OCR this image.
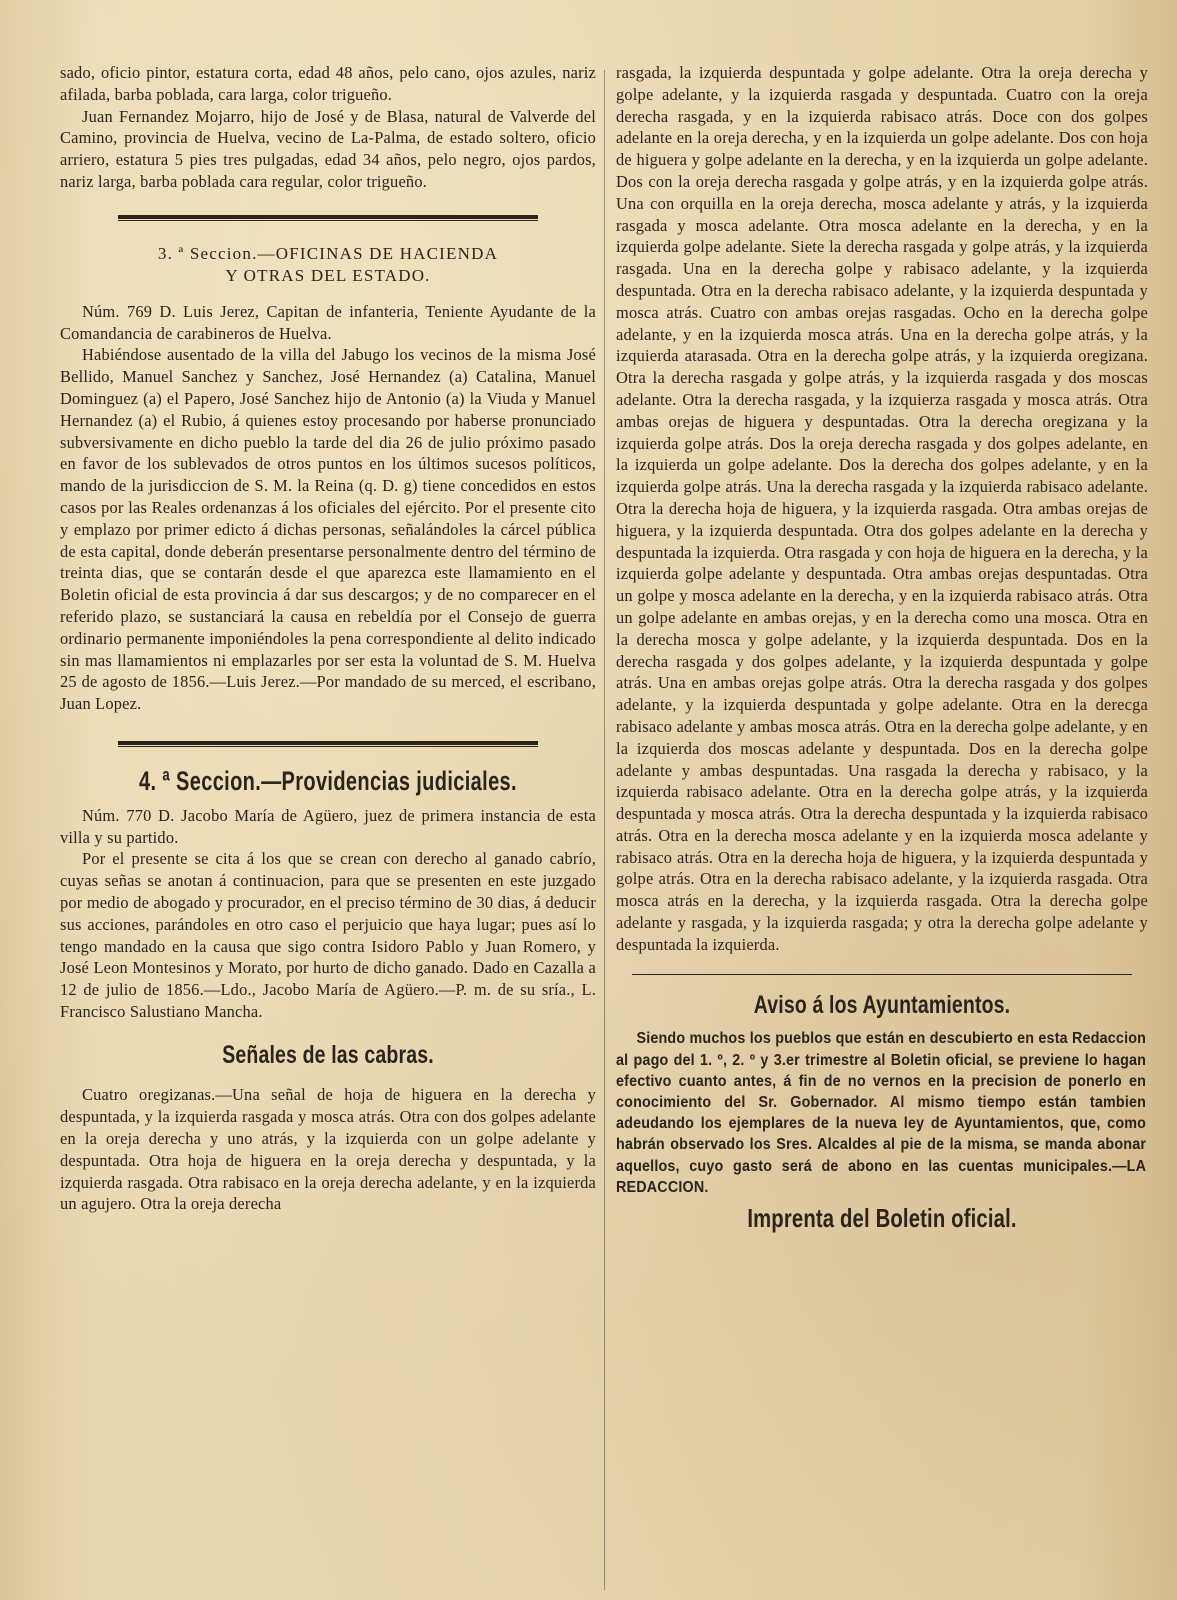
sado, oficio pintor, estatura corta, edad 48 años, pelo cano, ojos azules, nariz afilada, barba poblada, cara larga, color trigueño.

Juan Fernandez Mojarro, hijo de José y de Blasa, natural de Valverde del Camino, provincia de Huelva, vecino de La-Palma, de estado soltero, oficio arriero, estatura 5 pies tres pulgadas, edad 34 años, pelo negro, ojos pardos, nariz larga, barba poblada cara regular, color trigueño.

3. ª Seccion.—OFICINAS DE HACIENDA

Y OTRAS DEL ESTADO.

Núm. 769 D. Luis Jerez, Capitan de infanteria, Teniente Ayudante de la Comandancia de carabineros de Huelva.

Habiéndose ausentado de la villa del Jabugo los vecinos de la misma José Bellido, Manuel Sanchez y Sanchez, José Hernandez (a) Catalina, Manuel Dominguez (a) el Papero, José Sanchez hijo de Antonio (a) la Viuda y Manuel Hernandez (a) el Rubio, á quienes estoy procesando por haberse pronunciado subversivamente en dicho pueblo la tarde del dia 26 de julio próximo pasado en favor de los sublevados de otros puntos en los últimos sucesos políticos, mando de la jurisdiccion de S. M. la Reina (q. D. g) tiene concedidos en estos casos por las Reales ordenanzas á los oficiales del ejército. Por el presente cito y emplazo por primer edicto á dichas personas, señalándoles la cárcel pública de esta capital, donde deberán presentarse personalmente dentro del término de treinta dias, que se contarán desde el que aparezca este llamamiento en el Boletin oficial de esta provincia á dar sus descargos; y de no comparecer en el referido plazo, se sustanciará la causa en rebeldía por el Consejo de guerra ordinario permanente imponiéndoles la pena correspondiente al delito indicado sin mas llamamientos ni emplazarles por ser esta la voluntad de S. M. Huelva 25 de agosto de 1856.—Luis Jerez.—Por mandado de su merced, el escribano, Juan Lopez.

4. ª Seccion.—Providencias judiciales.

Núm. 770 D. Jacobo María de Agüero, juez de primera instancia de esta villa y su partido.

Por el presente se cita á los que se crean con derecho al ganado cabrío, cuyas señas se anotan á continuacion, para que se presenten en este juzgado por medio de abogado y procurador, en el preciso término de 30 dias, á deducir sus acciones, parándoles en otro caso el perjuicio que haya lugar; pues así lo tengo mandado en la causa que sigo contra Isidoro Pablo y Juan Romero, y José Leon Montesinos y Morato, por hurto de dicho ganado. Dado en Cazalla a 12 de julio de 1856.—Ldo., Jacobo María de Agüero.—P. m. de su sría., L. Francisco Salustiano Mancha.

Señales de las cabras.

Cuatro oregizanas.—Una señal de hoja de higuera en la derecha y despuntada, y la izquierda rasgada y mosca atrás. Otra con dos golpes adelante en la oreja derecha y uno atrás, y la izquierda con un golpe adelante y despuntada. Otra hoja de higuera en la oreja derecha y despuntada, y la izquierda rasgada. Otra rabisaco en la oreja derecha adelante, y en la izquierda un agujero. Otra la oreja derecha

rasgada, la izquierda despuntada y golpe adelante. Otra la oreja derecha y golpe adelante, y la izquierda rasgada y despuntada. Cuatro con la oreja derecha rasgada, y en la izquierda rabisaco atrás. Doce con dos golpes adelante en la oreja derecha, y en la izquierda un golpe adelante. Dos con hoja de higuera y golpe adelante en la derecha, y en la izquierda un golpe adelante. Dos con la oreja derecha rasgada y golpe atrás, y en la izquierda golpe atrás. Una con orquilla en la oreja derecha, mosca adelante y atrás, y la izquierda rasgada y mosca adelante. Otra mosca adelante en la derecha, y en la izquierda golpe adelante. Siete la derecha rasgada y golpe atrás, y la izquierda rasgada. Una en la derecha golpe y rabisaco adelante, y la izquierda despuntada. Otra en la derecha rabisaco adelante, y la izquierda despuntada y mosca atrás. Cuatro con ambas orejas rasgadas. Ocho en la derecha golpe adelante, y en la izquierda mosca atrás. Una en la derecha golpe atrás, y la izquierda atarasada. Otra en la derecha golpe atrás, y la izquierda oregizana. Otra la derecha rasgada y golpe atrás, y la izquierda rasgada y dos moscas adelante. Otra la derecha rasgada, y la izquierza rasgada y mosca atrás. Otra ambas orejas de higuera y despuntadas. Otra la derecha oregizana y la izquierda golpe atrás. Dos la oreja derecha rasgada y dos golpes adelante, en la izquierda un golpe adelante. Dos la derecha dos golpes adelante, y en la izquierda golpe atrás. Una la derecha rasgada y la izquierda rabisaco adelante. Otra la derecha hoja de higuera, y la izquierda rasgada. Otra ambas orejas de higuera, y la izquierda despuntada. Otra dos golpes adelante en la derecha y despuntada la izquierda. Otra rasgada y con hoja de higuera en la derecha, y la izquierda golpe adelante y despuntada. Otra ambas orejas despuntadas. Otra un golpe y mosca adelante en la derecha, y en la izquierda rabisaco atrás. Otra un golpe adelante en ambas orejas, y en la derecha como una mosca. Otra en la derecha mosca y golpe adelante, y la izquierda despuntada. Dos en la derecha rasgada y dos golpes adelante, y la izquierda despuntada y golpe atrás. Una en ambas orejas golpe atrás. Otra la derecha rasgada y dos golpes adelante, y la izquierda despuntada y golpe adelante. Otra en la derecga rabisaco adelante y ambas mosca atrás. Otra en la derecha golpe adelante, y en la izquierda dos moscas adelante y despuntada. Dos en la derecha golpe adelante y ambas despuntadas. Una rasgada la derecha y rabisaco, y la izquierda rabisaco adelante. Otra en la derecha golpe atrás, y la izquierda despuntada y mosca atrás. Otra la derecha despuntada y la izquierda rabisaco atrás. Otra en la derecha mosca adelante y en la izquierda mosca adelante y rabisaco atrás. Otra en la derecha hoja de higuera, y la izquierda despuntada y golpe atrás. Otra en la derecha rabisaco adelante, y la izquierda rasgada. Otra mosca atrás en la derecha, y la izquierda rasgada. Otra la derecha golpe adelante y rasgada, y la izquierda rasgada; y otra la derecha golpe adelante y despuntada la izquierda.

Aviso á los Ayuntamientos.

Siendo muchos los pueblos que están en descubierto en esta Redaccion al pago del 1. º, 2. º y 3.er trimestre al Boletin oficial, se previene lo hagan efectivo cuanto antes, á fin de no vernos en la precision de ponerlo en conocimiento del Sr. Gobernador. Al mismo tiempo están tambien adeudando los ejemplares de la nueva ley de Ayuntamientos, que, como habrán observado los Sres. Alcaldes al pie de la misma, se manda abonar aquellos, cuyo gasto será de abono en las cuentas municipales.—LA REDACCION.

Imprenta del Boletin oficial.
